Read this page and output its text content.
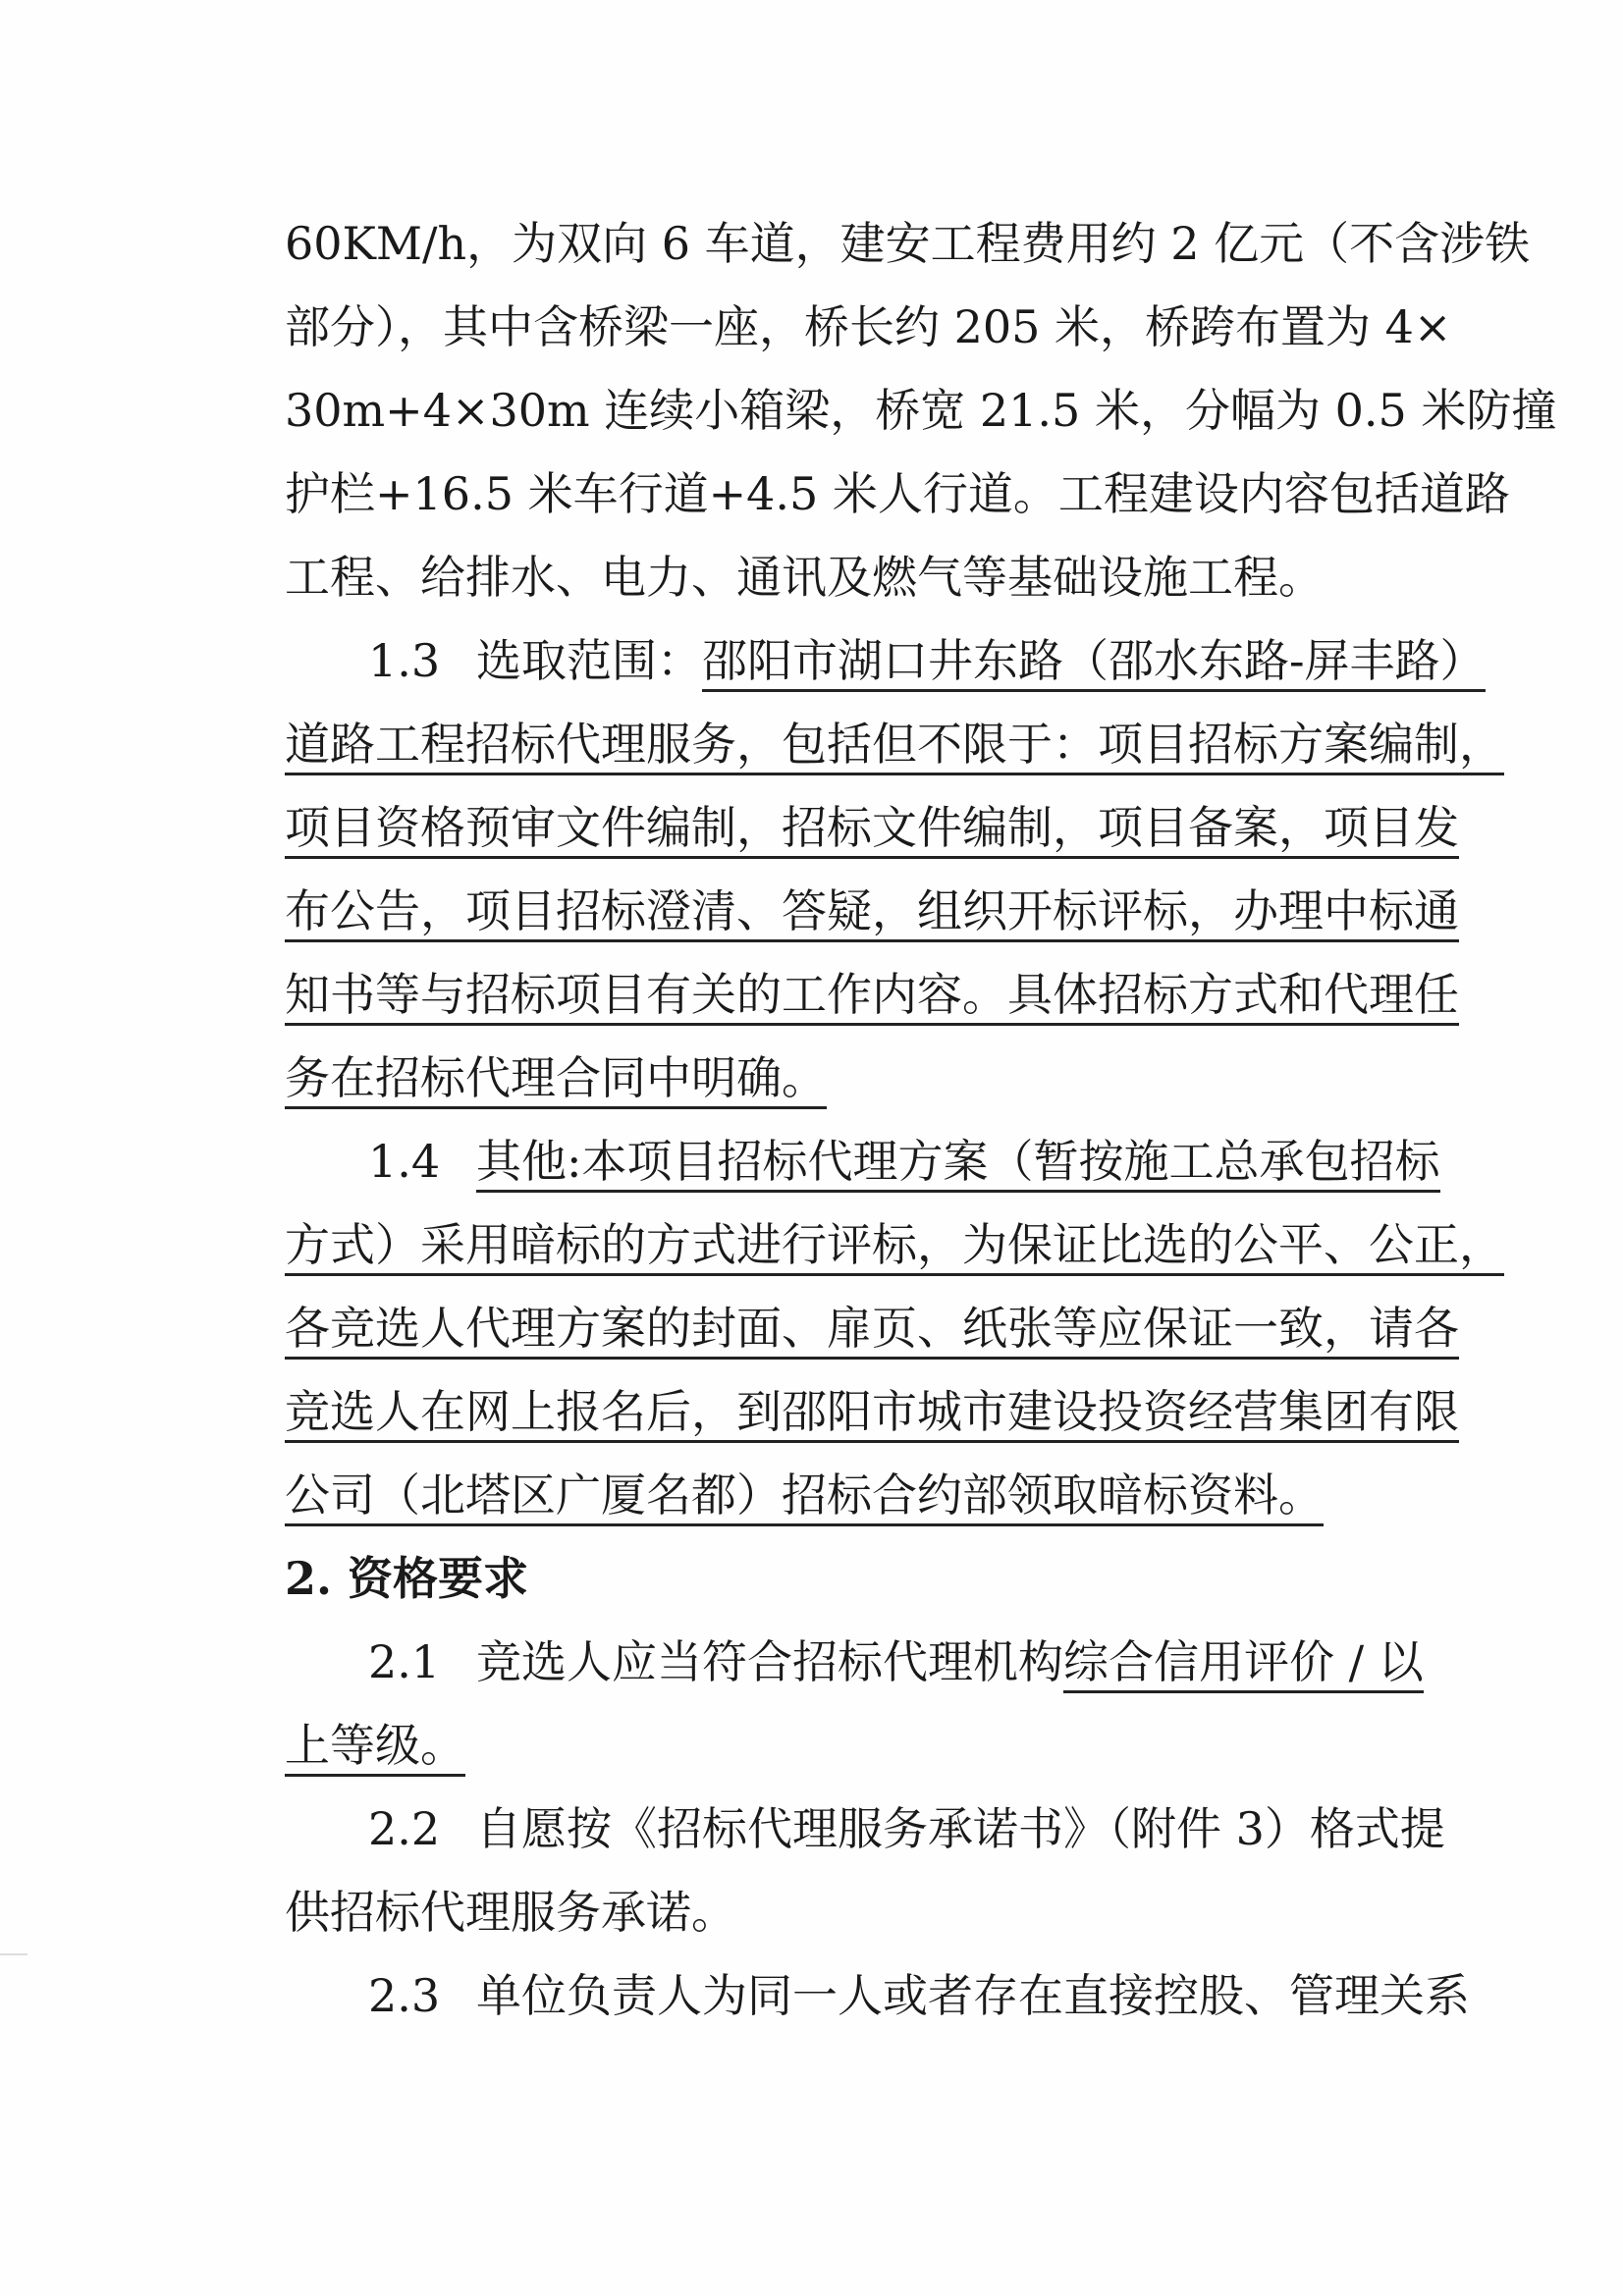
60KM/h，为双向 6 车道，建安工程费用约 2 亿元（不含涉铁
部分），其中含桥梁一座，桥长约 205 米，桥跨布置为 4×
30m+4×30m 连续小箱梁，桥宽 21.5 米，分幅为 0.5 米防撞
护栏+16.5 米车行道+4.5 米人行道。工程建设内容包括道路
工程、给排水、电力、通讯及燃气等基础设施工程。
1.3 选取范围：邵阳市湖口井东路（邵水东路-屏丰路）
道路工程招标代理服务，包括但不限于：项目招标方案编制，
项目资格预审文件编制，招标文件编制，项目备案，项目发
布公告，项目招标澄清、答疑，组织开标评标，办理中标通
知书等与招标项目有关的工作内容。具体招标方式和代理任
务在招标代理合同中明确。
1.4 其他:本项目招标代理方案（暂按施工总承包招标
方式）采用暗标的方式进行评标，为保证比选的公平、公正，
各竞选人代理方案的封面、扉页、纸张等应保证一致，请各
竞选人在网上报名后，到邵阳市城市建设投资经营集团有限
公司（北塔区广厦名都）招标合约部领取暗标资料。
2. 资格要求
2.1 竞选人应当符合招标代理机构综合信用评价 / 以
上等级。
2.2 自愿按《招标代理服务承诺书》（附件 3）格式提
供招标代理服务承诺。
2.3 单位负责人为同一人或者存在直接控股、管理关系
